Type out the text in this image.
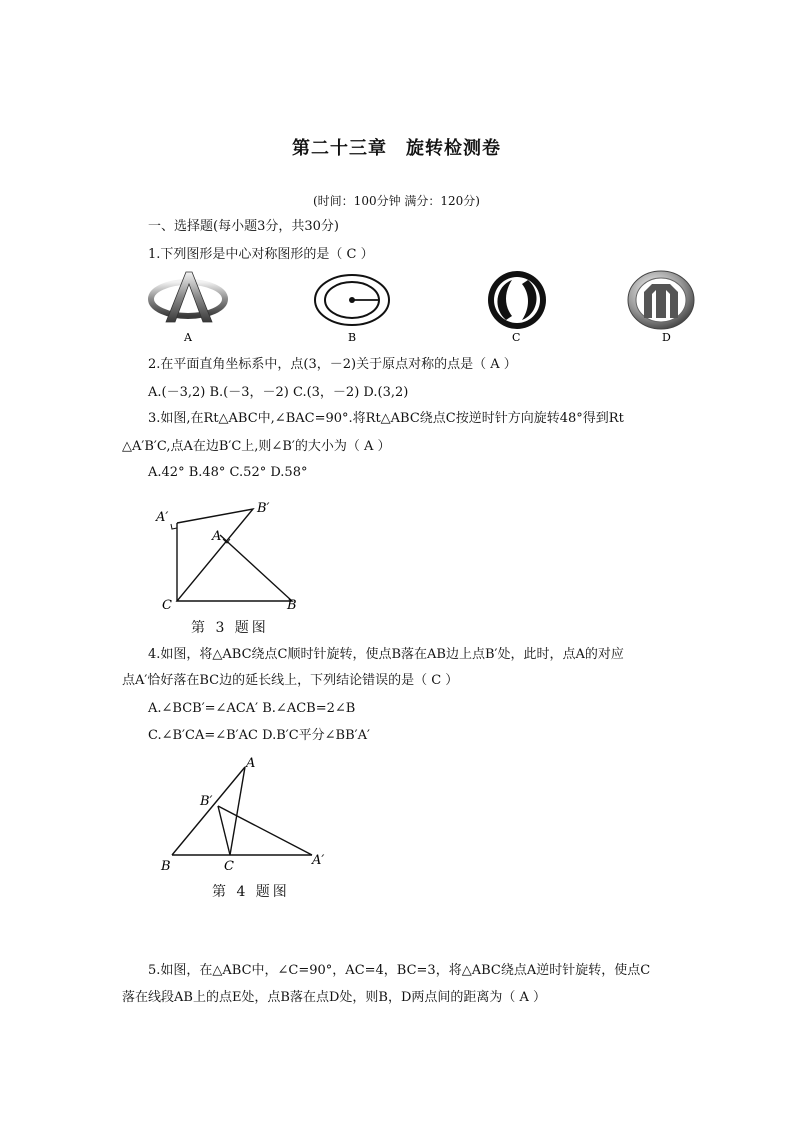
第二十三章　旋转检测卷
(时间：100分钟 满分：120分)
一、选择题(每小题3分，共30分)
1.下列图形是中心对称图形的是（ C ）
A	B	C	D
2.在平面直角坐标系中，点(3，－2)关于原点对称的点是（ A ）
A.(－3,2) B.(－3，－2) C.(3，－2) D.(3,2)
3.如图,在Rt△ABC中,∠BAC=90°.将Rt△ABC绕点C按逆时针方向旋转48°得到Rt
△A′B′C,点A在边B′C上,则∠B′的大小为（ A ）
A.42° B.48° C.52° D.58°
A′
B′
A
C	B
第 3 题图
4.如图，将△ABC绕点C顺时针旋转，使点B落在AB边上点B′处，此时，点A的对应
点A′恰好落在BC边的延长线上，下列结论错误的是（ C ）
A.∠BCB′=∠ACA′ B.∠ACB=2∠B
C.∠B′CA=∠B′AC D.B′C平分∠BB′A′
A
B′
B	C	A′
第 4 题图
5.如图，在△ABC中，∠C=90°，AC=4，BC=3，将△ABC绕点A逆时针旋转，使点C
落在线段AB上的点E处，点B落在点D处，则B，D两点间的距离为（ A ）
